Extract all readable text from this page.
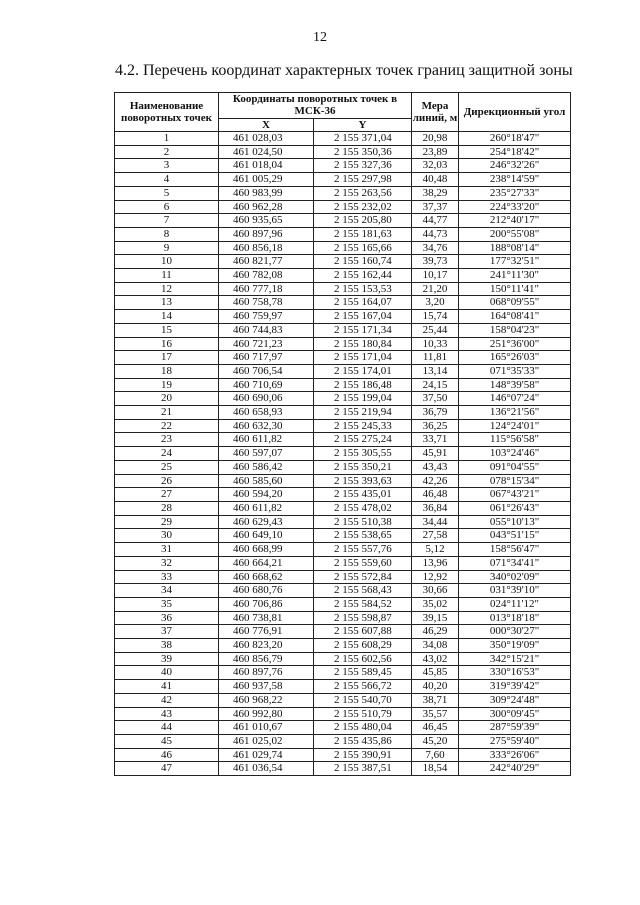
12
4.2. Перечень координат характерных точек границ защитной зоны
Наименование поворотных точек	Координаты поворотных точек в МСК-36		Мера линий, м	Дирекционный угол
	X	Y		
1	461 028,03	2 155 371,04	20,98	260°18'47"
2	461 024,50	2 155 350,36	23,89	254°18'42"
3	461 018,04	2 155 327,36	32,03	246°32'26"
4	461 005,29	2 155 297,98	40,48	238°14'59"
5	460 983,99	2 155 263,56	38,29	235°27'33"
6	460 962,28	2 155 232,02	37,37	224°33'20"
7	460 935,65	2 155 205,80	44,77	212°40'17"
8	460 897,96	2 155 181,63	44,73	200°55'08"
9	460 856,18	2 155 165,66	34,76	188°08'14"
10	460 821,77	2 155 160,74	39,73	177°32'51"
11	460 782,08	2 155 162,44	10,17	241°11'30"
12	460 777,18	2 155 153,53	21,20	150°11'41"
13	460 758,78	2 155 164,07	3,20	068°09'55"
14	460 759,97	2 155 167,04	15,74	164°08'41"
15	460 744,83	2 155 171,34	25,44	158°04'23"
16	460 721,23	2 155 180,84	10,33	251°36'00"
17	460 717,97	2 155 171,04	11,81	165°26'03"
18	460 706,54	2 155 174,01	13,14	071°35'33"
19	460 710,69	2 155 186,48	24,15	148°39'58"
20	460 690,06	2 155 199,04	37,50	146°07'24"
21	460 658,93	2 155 219,94	36,79	136°21'56"
22	460 632,30	2 155 245,33	36,25	124°24'01"
23	460 611,82	2 155 275,24	33,71	115°56'58"
24	460 597,07	2 155 305,55	45,91	103°24'46"
25	460 586,42	2 155 350,21	43,43	091°04'55"
26	460 585,60	2 155 393,63	42,26	078°15'34"
27	460 594,20	2 155 435,01	46,48	067°43'21"
28	460 611,82	2 155 478,02	36,84	061°26'43"
29	460 629,43	2 155 510,38	34,44	055°10'13"
30	460 649,10	2 155 538,65	27,58	043°51'15"
31	460 668,99	2 155 557,76	5,12	158°56'47"
32	460 664,21	2 155 559,60	13,96	071°34'41"
33	460 668,62	2 155 572,84	12,92	340°02'09"
34	460 680,76	2 155 568,43	30,66	031°39'10"
35	460 706,86	2 155 584,52	35,02	024°11'12"
36	460 738,81	2 155 598,87	39,15	013°18'18"
37	460 776,91	2 155 607,88	46,29	000°30'27"
38	460 823,20	2 155 608,29	34,08	350°19'09"
39	460 856,79	2 155 602,56	43,02	342°15'21"
40	460 897,76	2 155 589,45	45,85	330°16'53"
41	460 937,58	2 155 566,72	40,20	319°39'42"
42	460 968,22	2 155 540,70	38,71	309°24'48"
43	460 992,80	2 155 510,79	35,57	300°09'45"
44	461 010,67	2 155 480,04	46,45	287°59'39"
45	461 025,02	2 155 435,86	45,20	275°59'40"
46	461 029,74	2 155 390,91	7,60	333°26'06"
47	461 036,54	2 155 387,51	18,54	242°40'29"
